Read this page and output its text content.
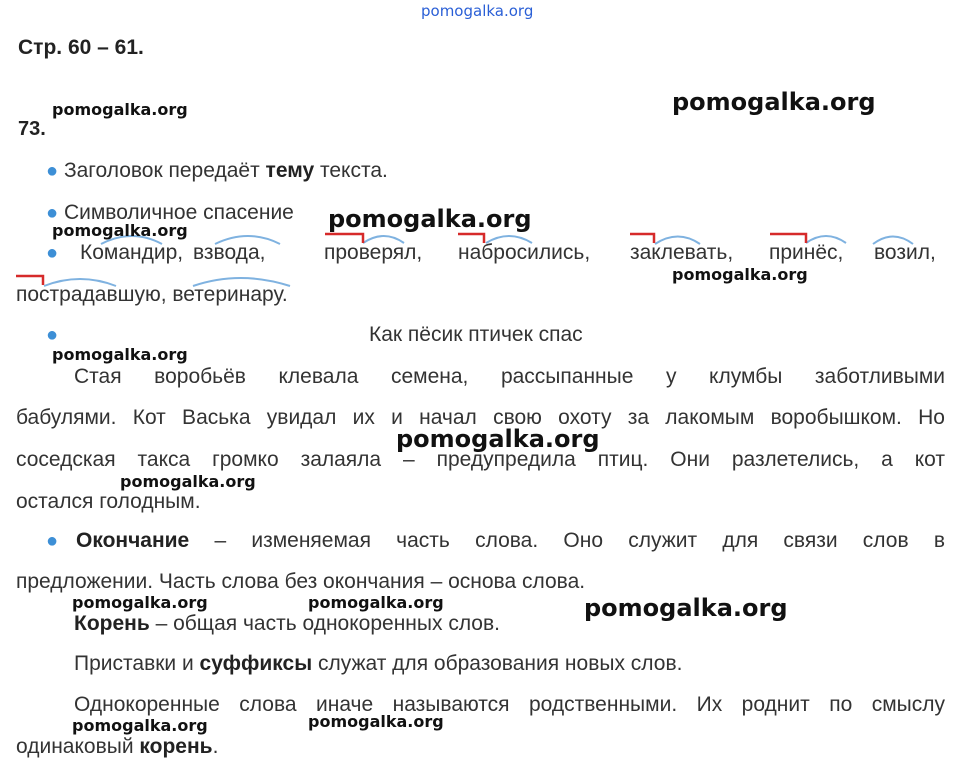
pomogalka.org
Стр. 60 – 61.
73.
● Заголовок передаёт тему текста.
● Символичное спасение
● Командир, взвода,	проверял, набросились, заклевать, принёс, возил,
пострадавшую, ветеринару.
●	Как пёсик птичек спас
Стая воробьёв клевала семена, рассыпанные у клумбы заботливыми
бабулями. Кот Васька увидал их и начал свою охоту за лакомым воробышком. Но
соседская такса громко залаяла – предупредила птиц. Они разлетелись, а кот
остался голодным.
● Окончание – изменяемая часть слова. Оно служит для связи слов в
предложении. Часть слова без окончания – основа слова.
Корень – общая часть однокоренных слов.
Приставки и суффиксы служат для образования новых слов.
Однокоренные слова иначе называются родственными. Их роднит по смыслу
одинаковый корень.
pomogalka.org	pomogalka.org
pomogalka.org
pomogalka.org
pomogalka.org
pomogalka.org
pomogalka.org
pomogalka.org
pomogalka.org	pomogalka.org	pomogalka.org
pomogalka.org	pomogalka.org
